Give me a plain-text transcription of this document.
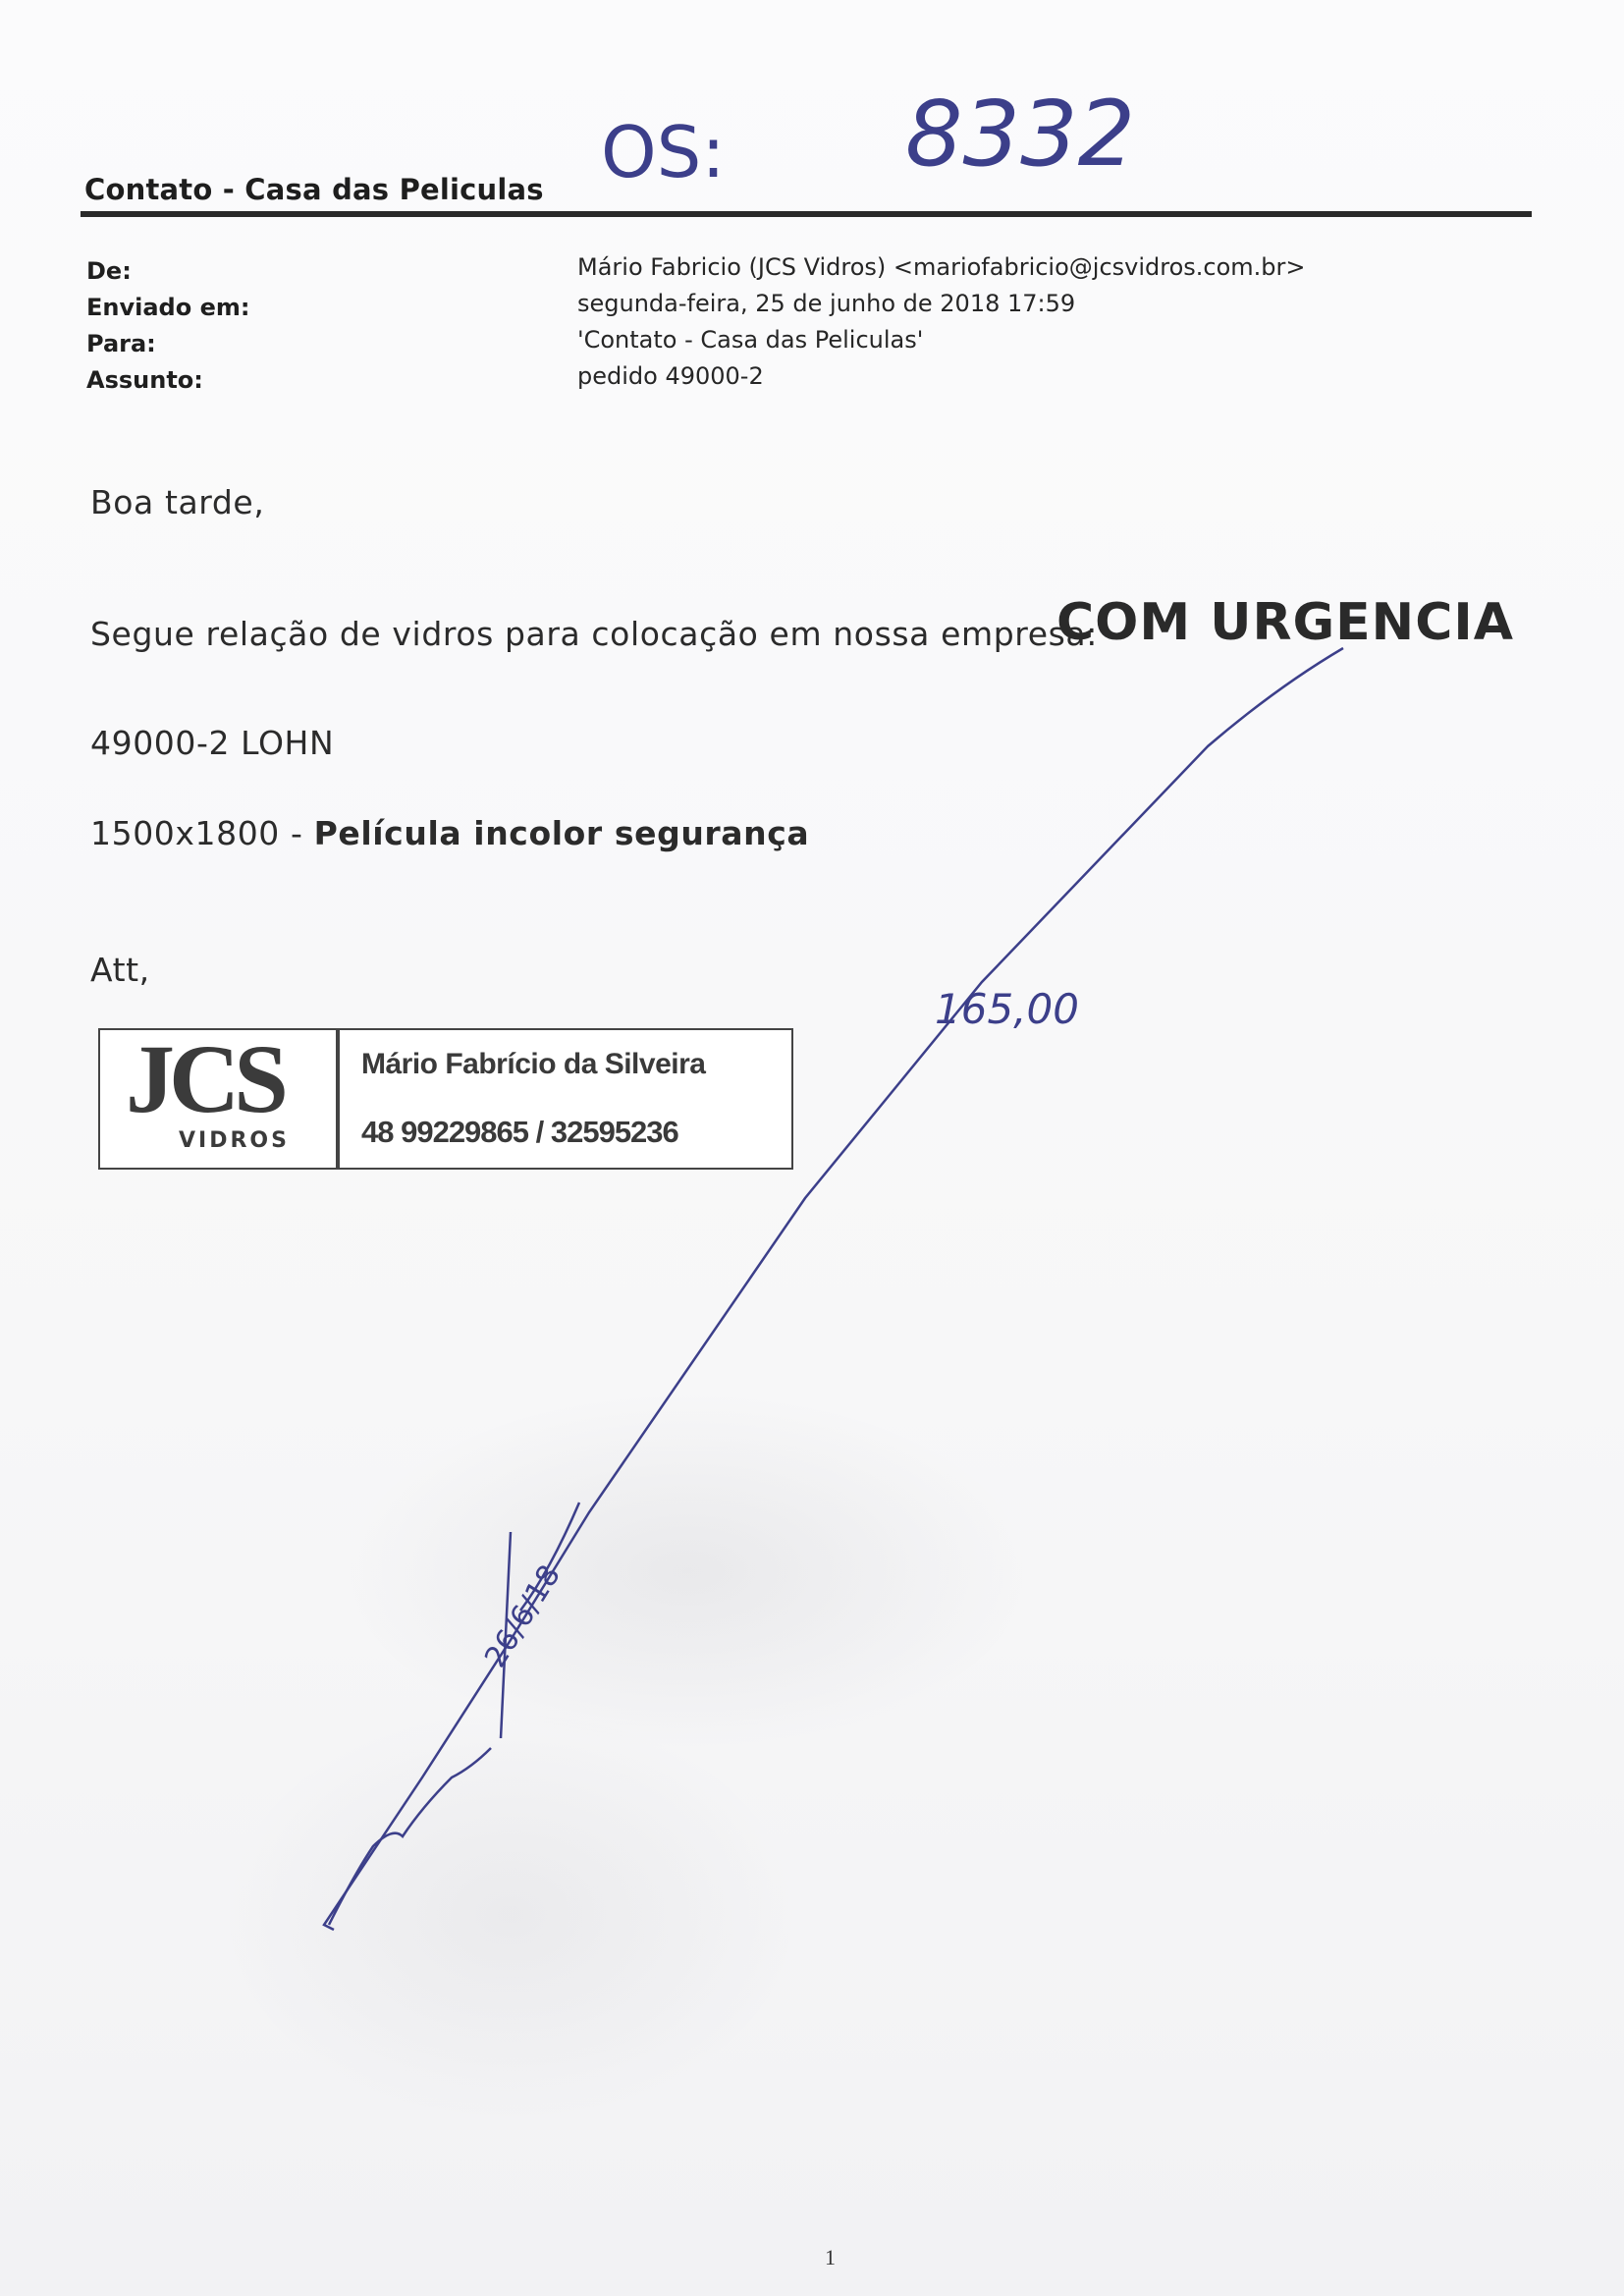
Contato - Casa das Peliculas
De:	Mário Fabricio (JCS Vidros) <mariofabricio@jcsvidros.com.br>
Enviado em:	segunda-feira, 25 de junho de 2018 17:59
Para:	'Contato - Casa das Peliculas'
Assunto:	pedido 49000-2
Boa tarde,
Segue relação de vidros para colocação em nossa empresa:
COM URGENCIA
49000-2 LOHN
1500x1800 - Película incolor segurança
Att,
JCS
VIDROS
Mário Fabrício da Silveira
48 99229865 / 32595236
1
OS: 8332
165,00
26/6/18
